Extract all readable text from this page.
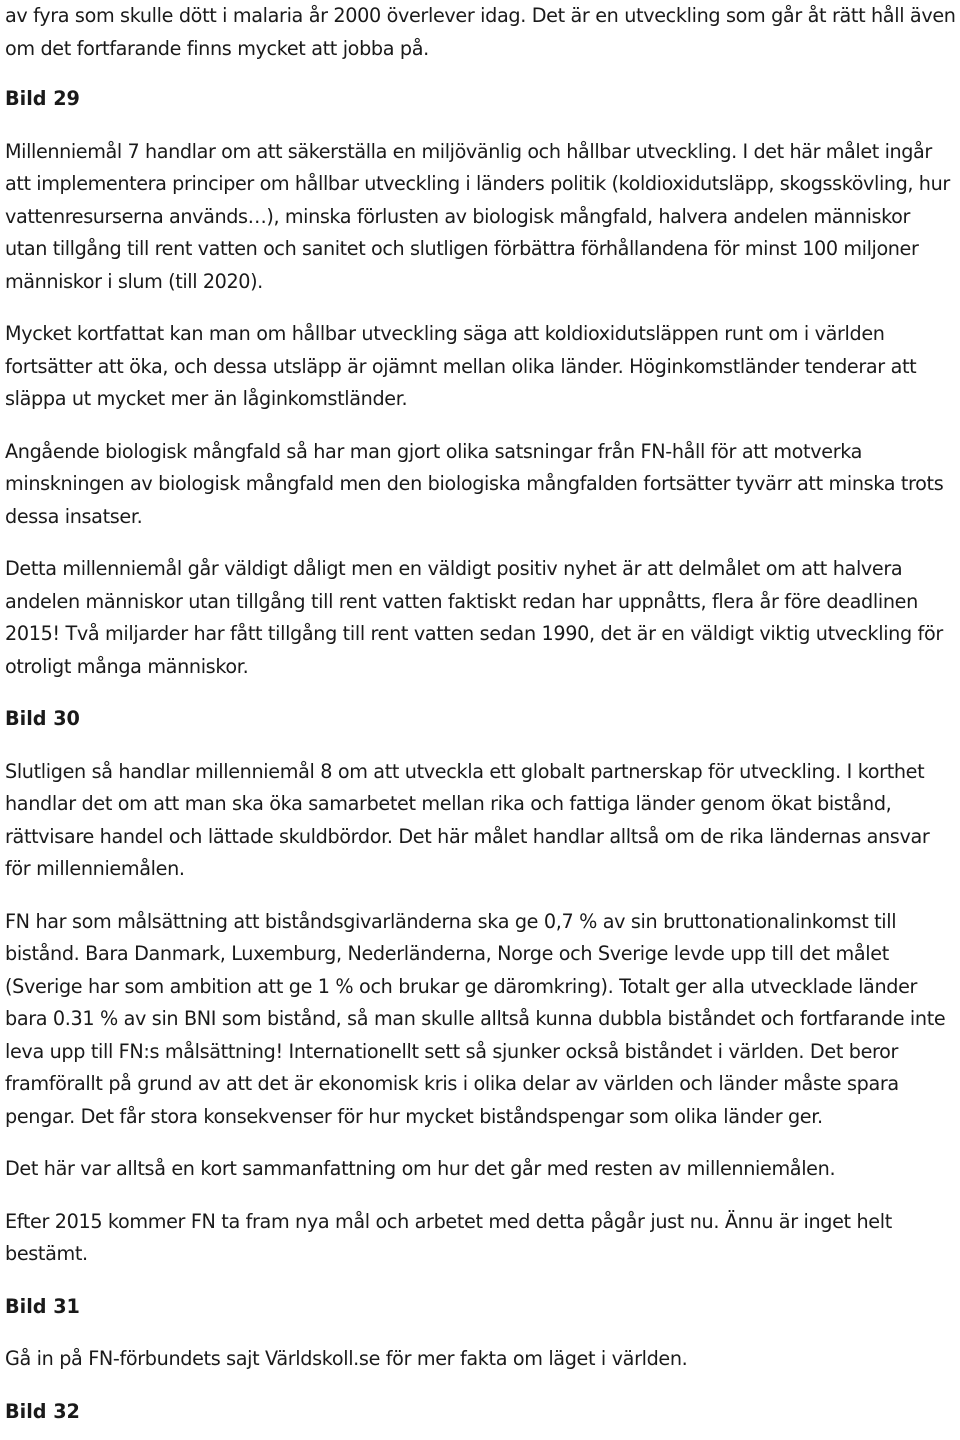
av fyra som skulle dött i malaria år 2000 överlever idag. Det är en utveckling som går åt rätt håll även om det fortfarande finns mycket att jobba på.

Bild 29

Millenniemål 7 handlar om att säkerställa en miljövänlig och hållbar utveckling. I det här målet ingår att implementera principer om hållbar utveckling i länders politik (koldioxidutsläpp, skogsskövling, hur vattenresurserna används…), minska förlusten av biologisk mångfald, halvera andelen människor utan tillgång till rent vatten och sanitet och slutligen förbättra förhållandena för minst 100 miljoner människor i slum (till 2020).

Mycket kortfattat kan man om hållbar utveckling säga att koldioxidutsläppen runt om i världen fortsätter att öka, och dessa utsläpp är ojämnt mellan olika länder. Höginkomstländer tenderar att släppa ut mycket mer än låginkomstländer.

Angående biologisk mångfald så har man gjort olika satsningar från FN-håll för att motverka minskningen av biologisk mångfald men den biologiska mångfalden fortsätter tyvärr att minska trots dessa insatser.

Detta millenniemål går väldigt dåligt men en väldigt positiv nyhet är att delmålet om att halvera andelen människor utan tillgång till rent vatten faktiskt redan har uppnåtts, flera år före deadlinen 2015! Två miljarder har fått tillgång till rent vatten sedan 1990, det är en väldigt viktig utveckling för otroligt många människor.

Bild 30

Slutligen så handlar millenniemål 8 om att utveckla ett globalt partnerskap för utveckling. I korthet handlar det om att man ska öka samarbetet mellan rika och fattiga länder genom ökat bistånd, rättvisare handel och lättade skuldbördor. Det här målet handlar alltså om de rika ländernas ansvar för millenniemålen.

FN har som målsättning att biståndsgivarländerna ska ge 0,7 % av sin bruttonationalinkomst till bistånd. Bara Danmark, Luxemburg, Nederländerna, Norge och Sverige levde upp till det målet (Sverige har som ambition att ge 1 % och brukar ge däromkring). Totalt ger alla utvecklade länder bara 0.31 % av sin BNI som bistånd, så man skulle alltså kunna dubbla biståndet och fortfarande inte leva upp till FN:s målsättning! Internationellt sett så sjunker också biståndet i världen. Det beror framförallt på grund av att det är ekonomisk kris i olika delar av världen och länder måste spara pengar. Det får stora konsekvenser för hur mycket biståndspengar som olika länder ger.

Det här var alltså en kort sammanfattning om hur det går med resten av millenniemålen.

Efter 2015 kommer FN ta fram nya mål och arbetet med detta pågår just nu. Ännu är inget helt bestämt.

Bild 31

Gå in på FN-förbundets sajt Världskoll.se för mer fakta om läget i världen.

Bild 32
